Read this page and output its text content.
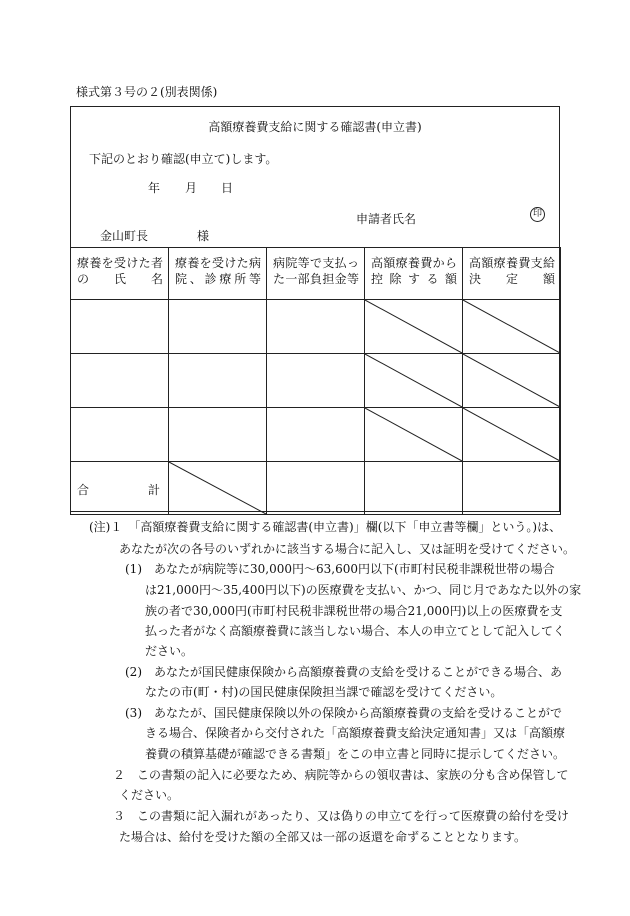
様式第３号の２(別表関係)
高額療養費支給に関する確認書(申立書)
下記のとおり確認(申立て)します。
年 月 日
申請者氏名	印
金山町長	様
療養を受けた者の氏名	療養を受けた病院、診療所等	病院等で支払った一部負担金等	高額療養費から控除する額	高額療養費支給決定額

合 計

(注)１　「高額療養費支給に関する確認書(申立書)」欄(以下「申立書等欄」という。)は、
あなたが次の各号のいずれかに該当する場合に記入し、又は証明を受けてください。
(1)　あなたが病院等に30,000円～63,600円以下(市町村民税非課税世帯の場合
は21,000円～35,400円以下)の医療費を支払い、かつ、同じ月であなた以外の家
族の者で30,000円(市町村民税非課税世帯の場合21,000円)以上の医療費を支
払った者がなく高額療養費に該当しない場合、本人の申立てとして記入してく
ださい。
(2)　あなたが国民健康保険から高額療養費の支給を受けることができる場合、あ
なたの市(町・村)の国民健康保険担当課で確認を受けてください。
(3)　あなたが、国民健康保険以外の保険から高額療養費の支給を受けることがで
きる場合、保険者から交付された「高額療養費支給決定通知書」又は「高額療
養費の積算基礎が確認できる書類」をこの申立書と同時に提示してください。
２　この書類の記入に必要なため、病院等からの領収書は、家族の分も含め保管して
ください。
３　この書類に記入漏れがあったり、又は偽りの申立てを行って医療費の給付を受け
た場合は、給付を受けた額の全部又は一部の返還を命ずることとなります。
